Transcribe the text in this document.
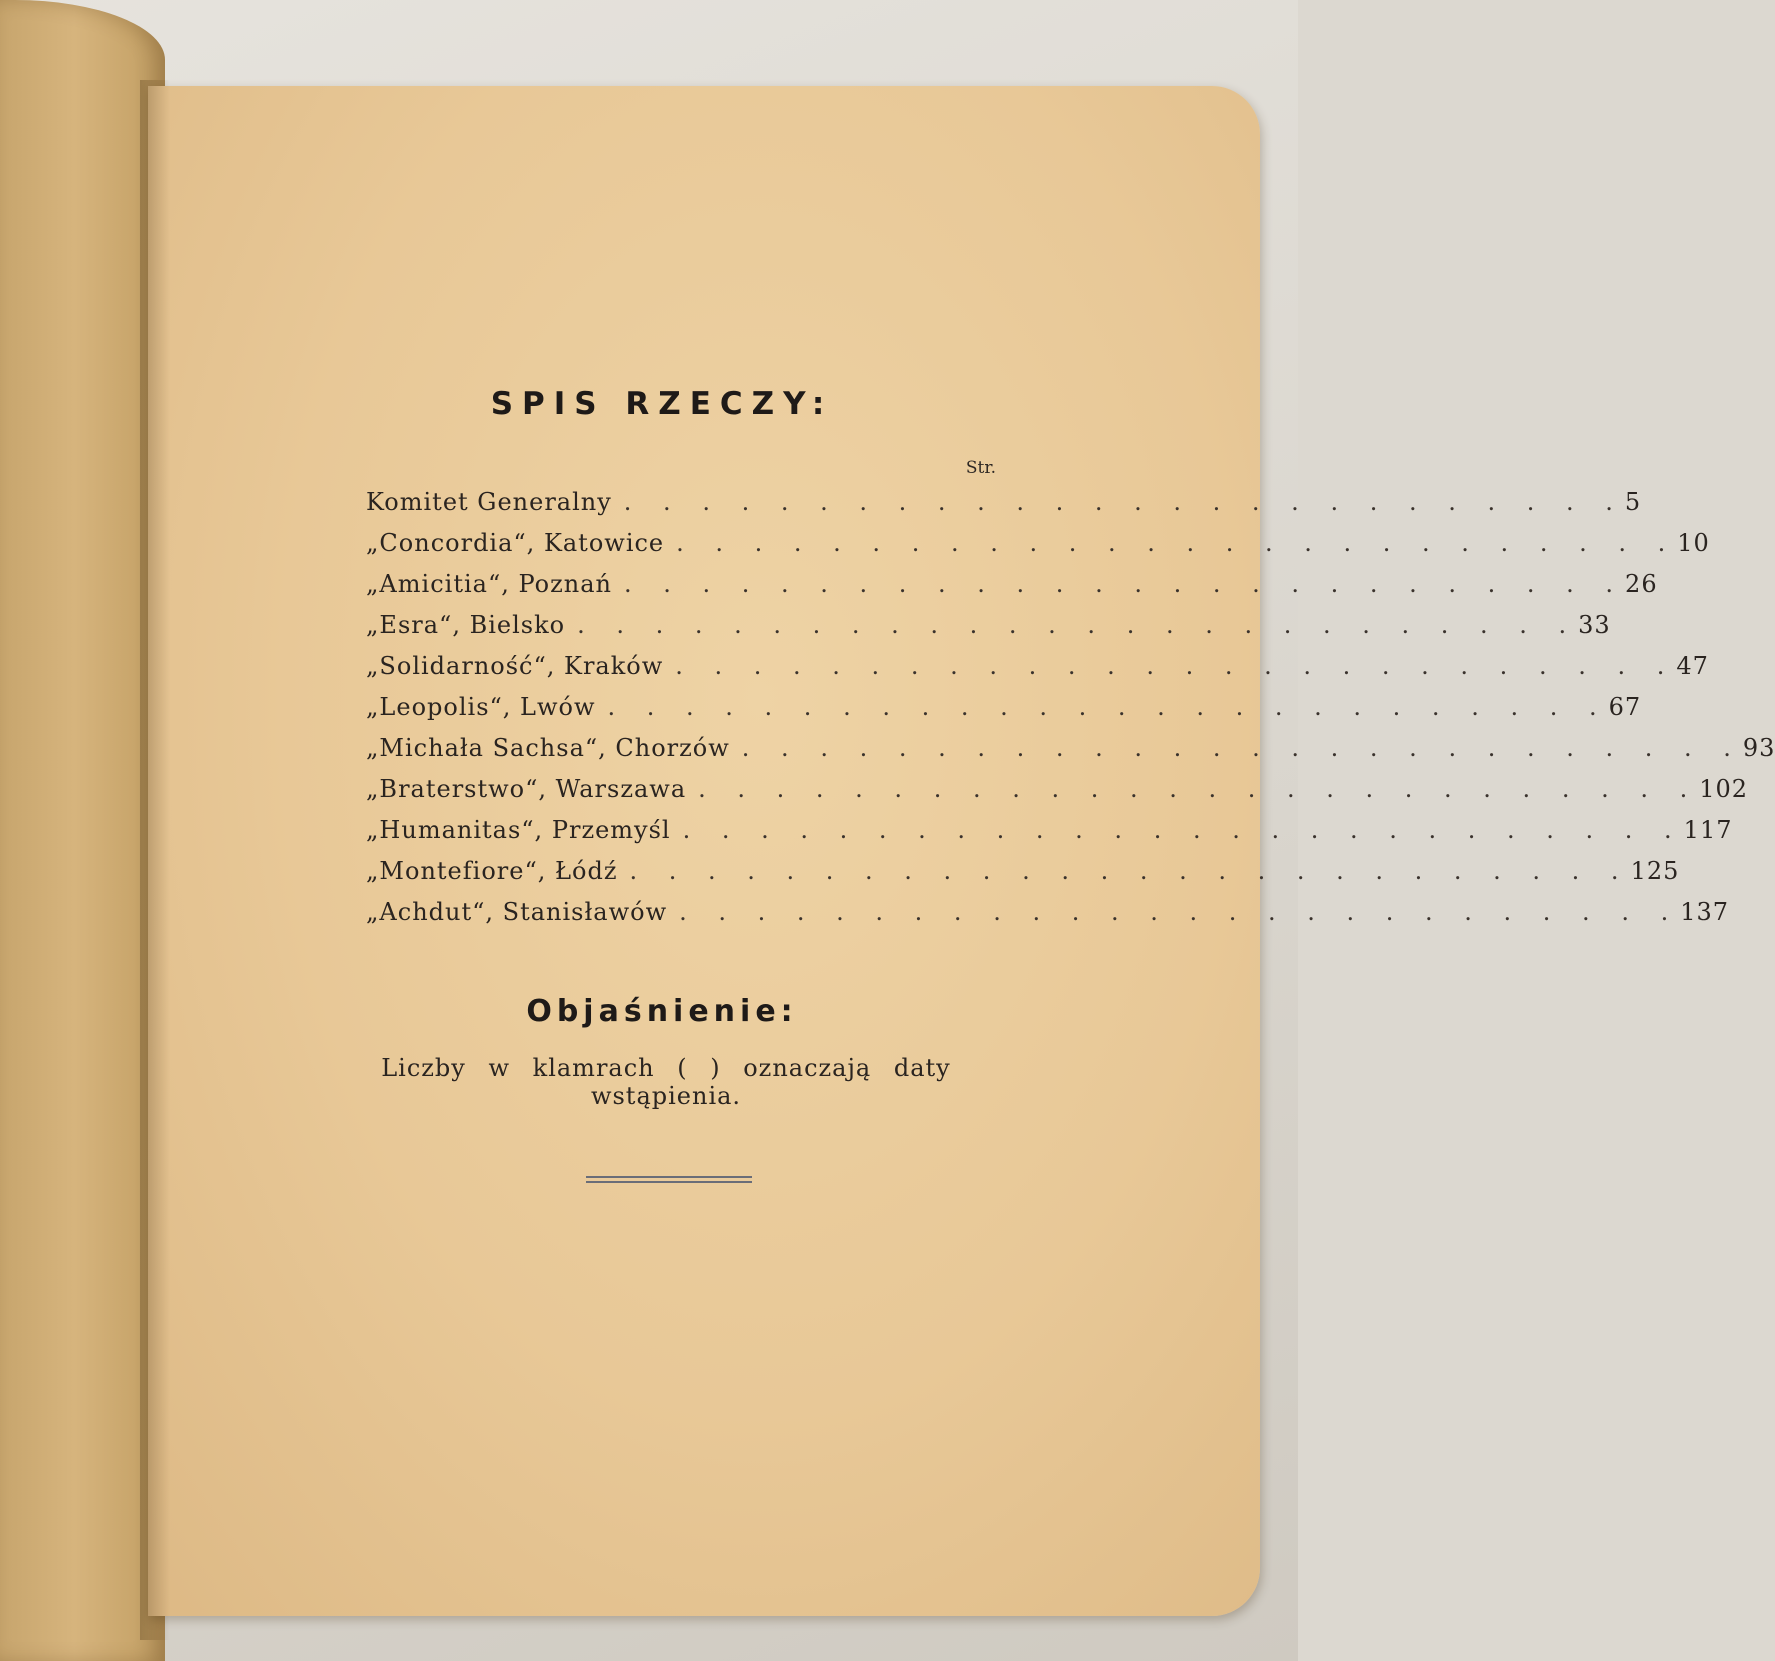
SPIS RZECZY:
Str.
Komitet Generalny . . . . . . . . . . . . . . . . . . . . . . . . . . 5
„Concordia“, Katowice . . . . . . . . . . . . . . . . . . . . . . . . . . 10
„Amicitia“, Poznań . . . . . . . . . . . . . . . . . . . . . . . . . . 26
„Esra“, Bielsko . . . . . . . . . . . . . . . . . . . . . . . . . . 33
„Solidarność“, Kraków . . . . . . . . . . . . . . . . . . . . . . . . . . 47
„Leopolis“, Lwów . . . . . . . . . . . . . . . . . . . . . . . . . . 67
„Michała Sachsa“, Chorzów . . . . . . . . . . . . . . . . . . . . . . . . . . 93
„Braterstwo“, Warszawa . . . . . . . . . . . . . . . . . . . . . . . . . . 102
„Humanitas“, Przemyśl . . . . . . . . . . . . . . . . . . . . . . . . . . 117
„Montefiore“, Łódź . . . . . . . . . . . . . . . . . . . . . . . . . . 125
„Achdut“, Stanisławów . . . . . . . . . . . . . . . . . . . . . . . . . . 137
Objaśnienie:
Liczby w klamrach ( ) oznaczają daty wstąpienia.
